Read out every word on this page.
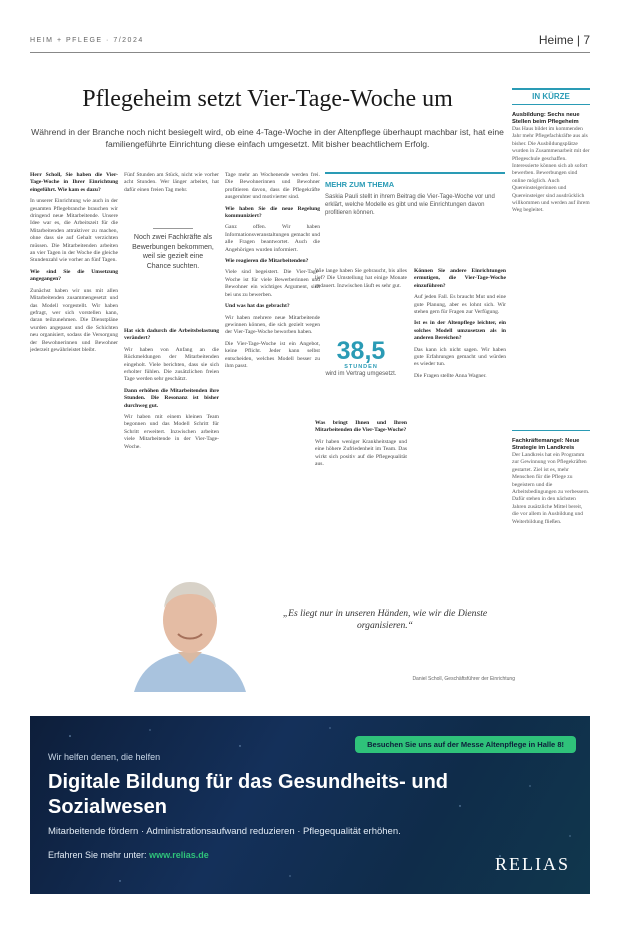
HEIM + PFLEGE · 7/2024	Heime | 7
Pflegeheim setzt Vier-Tage-Woche um
Während in der Branche noch nicht besiegelt wird, ob eine 4-Tage-Woche in der Altenpflege überhaupt machbar ist, hat eine familiengeführte Einrichtung diese einfach umgesetzt. Mit bisher beachtlichem Erfolg.

Herr Scholl, Sie haben die Vier-Tage-Woche in Ihrer Einrichtung eingeführt. Wie kam es dazu?

In unserer Einrichtung wie auch in der gesamten Pflegebranche brauchen wir dringend neue Mitarbeitende. Unsere Idee war es, die Arbeitszeit für die Mitarbeitenden attraktiver zu machen, ohne dass sie auf Gehalt verzichten müssen. Die Mitarbeitenden arbeiten an vier Tagen in der Woche die gleiche Stundenzahl wie vorher an fünf Tagen.

Wie sind Sie die Umsetzung angegangen?

Zunächst haben wir uns mit allen Mitarbeitenden zusammengesetzt und das Modell vorgestellt. Wir haben gefragt, wer sich vorstellen kann, daran teilzunehmen. Die Dienstpläne wurden angepasst und die Schichten neu organisiert, sodass die Versorgung der Bewohnerinnen und Bewohner jederzeit gewährleistet bleibt.

Fünf Stunden am Stück, nicht wie vorher acht Stunden. Wer länger arbeitet, hat dafür einen freien Tag mehr.

Noch zwei Fachkräfte als Bewerbungen bekommen, weil sie gezielt eine Chance suchten.

Hat sich dadurch die Arbeitsbelastung verändert?

Wir haben von Anfang an die Rückmeldungen der Mitarbeitenden eingeholt. Viele berichten, dass sie sich erholter fühlen. Die zusätzlichen freien Tage werden sehr geschätzt.

Dann erhöhen die Mitarbeitenden ihre Stunden. Die Resonanz ist bisher durchweg gut.

Wir haben mit einem kleinen Team begonnen und das Modell Schritt für Schritt erweitert. Inzwischen arbeiten viele Mitarbeitende in der Vier-Tage-Woche.

Tage mehr an Wochenende werden frei. Die Bewohnerinnen und Bewohner profitieren davon, dass die Pflegekräfte ausgeruhter und motivierter sind.

Wie haben Sie die neue Regelung kommuniziert?

Ganz offen. Wir haben Informationsveranstaltungen gemacht und alle Fragen beantwortet. Auch die Angehörigen wurden informiert.

Wie reagieren die Mitarbeitenden?

Viele sind begeistert. Die Vier-Tage-Woche ist für viele Bewerberinnen und Bewohner ein wichtiges Argument, sich bei uns zu bewerben.

Und was hat das gebracht?

Wir haben mehrere neue Mitarbeitende gewinnen können, die sich gezielt wegen der Vier-Tage-Woche beworben haben.

Die Vier-Tage-Woche ist ein Angebot, keine Pflicht. Jeder kann selbst entscheiden, welches Modell besser zu ihm passt.

MEHR ZUM THEMA
Saskia Pauli stellt in ihrem Beitrag die Vier-Tage-Woche vor und erklärt, welche Modelle es gibt und wie Einrichtungen davon profitieren können.

Wie lange haben Sie gebraucht, bis alles lief? Die Umstellung hat einige Monate gedauert. Inzwischen läuft es sehr gut.

38,5
STUNDEN
wird im Vertrag umgesetzt.

Was bringt Ihnen und Ihren Mitarbeitenden die Vier-Tage-Woche?

Wir haben weniger Krankheitstage und eine höhere Zufriedenheit im Team. Das wirkt sich positiv auf die Pflegequalität aus.

Können Sie andere Einrichtungen ermutigen, die Vier-Tage-Woche einzuführen?

Auf jeden Fall. Es braucht Mut und eine gute Planung, aber es lohnt sich. Wir stehen gern für Fragen zur Verfügung.

Ist es in der Altenpflege leichter, ein solches Modell umzusetzen als in anderen Bereichen?

Das kann ich nicht sagen. Wir haben gute Erfahrungen gemacht und würden es wieder tun.

Die Fragen stellte Anna Wagner.

„Es liegt nur in unseren Händen, wie wir die Dienste organisieren.“
Daniel Scholl, Geschäftsführer der Einrichtung
IN KÜRZE
Ausbildung: Sechs neue Stellen beim Pflegeheim
Das Haus bildet im kommenden Jahr mehr Pflegefachkräfte aus als bisher. Die Ausbildungsplätze wurden in Zusammenarbeit mit der Pflegeschule geschaffen. Interessierte können sich ab sofort bewerben. Bewerbungen sind online möglich. Auch Quereinsteigerinnen und Quereinsteiger sind ausdrücklich willkommen und werden auf ihrem Weg begleitet.
Fachkräftemangel: Neue Strategie im Landkreis
Der Landkreis hat ein Programm zur Gewinnung von Pflegekräften gestartet. Ziel ist es, mehr Menschen für die Pflege zu begeistern und die Arbeitsbedingungen zu verbessern. Dafür stehen in den nächsten Jahren zusätzliche Mittel bereit, die vor allem in Ausbildung und Weiterbildung fließen.
Besuchen Sie uns auf der Messe Altenpflege in Halle 8!
Wir helfen denen, die helfen
Digitale Bildung für das Gesundheits- und Sozialwesen
Mitarbeitende fördern · Administrationsaufwand reduzieren · Pflegequalität erhöhen.
Erfahren Sie mehr unter: www.relias.de	RELIAS
